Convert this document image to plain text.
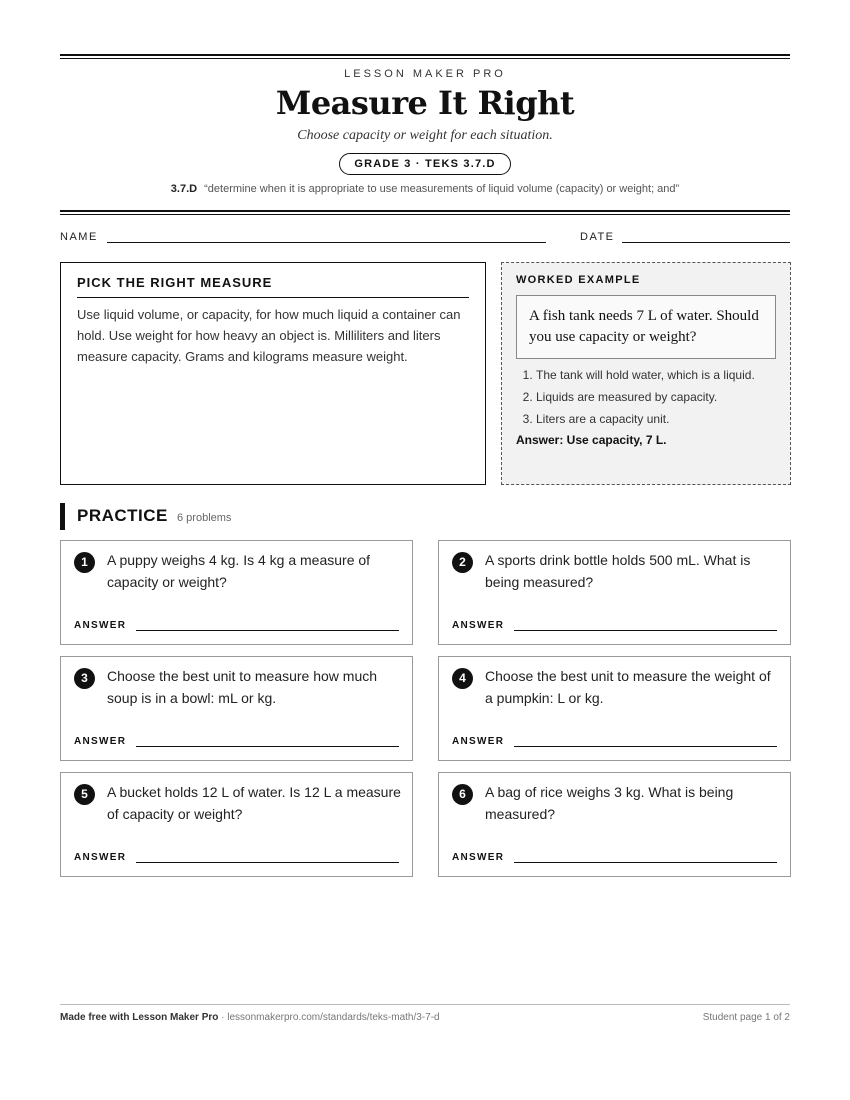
LESSON MAKER PRO
Measure It Right
Choose capacity or weight for each situation.
GRADE 3 · TEKS 3.7.D
3.7.D “determine when it is appropriate to use measurements of liquid volume (capacity) or weight; and”
NAME	DATE
PICK THE RIGHT MEASURE
Use liquid volume, or capacity, for how much liquid a container can hold. Use weight for how heavy an object is. Milliliters and liters measure capacity. Grams and kilograms measure weight.
WORKED EXAMPLE
A fish tank needs 7 L of water. Should you use capacity or weight?
1. The tank will hold water, which is a liquid.
2. Liquids are measured by capacity.
3. Liters are a capacity unit.
Answer: Use capacity, 7 L.
PRACTICE 6 problems
1	A puppy weighs 4 kg. Is 4 kg a measure of capacity or weight?
ANSWER
2	A sports drink bottle holds 500 mL. What is being measured?
ANSWER
3	Choose the best unit to measure how much soup is in a bowl: mL or kg.
ANSWER
4	Choose the best unit to measure the weight of a pumpkin: L or kg.
ANSWER
5	A bucket holds 12 L of water. Is 12 L a measure of capacity or weight?
ANSWER
6	A bag of rice weighs 3 kg. What is being measured?
ANSWER
Made free with Lesson Maker Pro · lessonmakerpro.com/standards/teks-math/3-7-d	Student page 1 of 2
